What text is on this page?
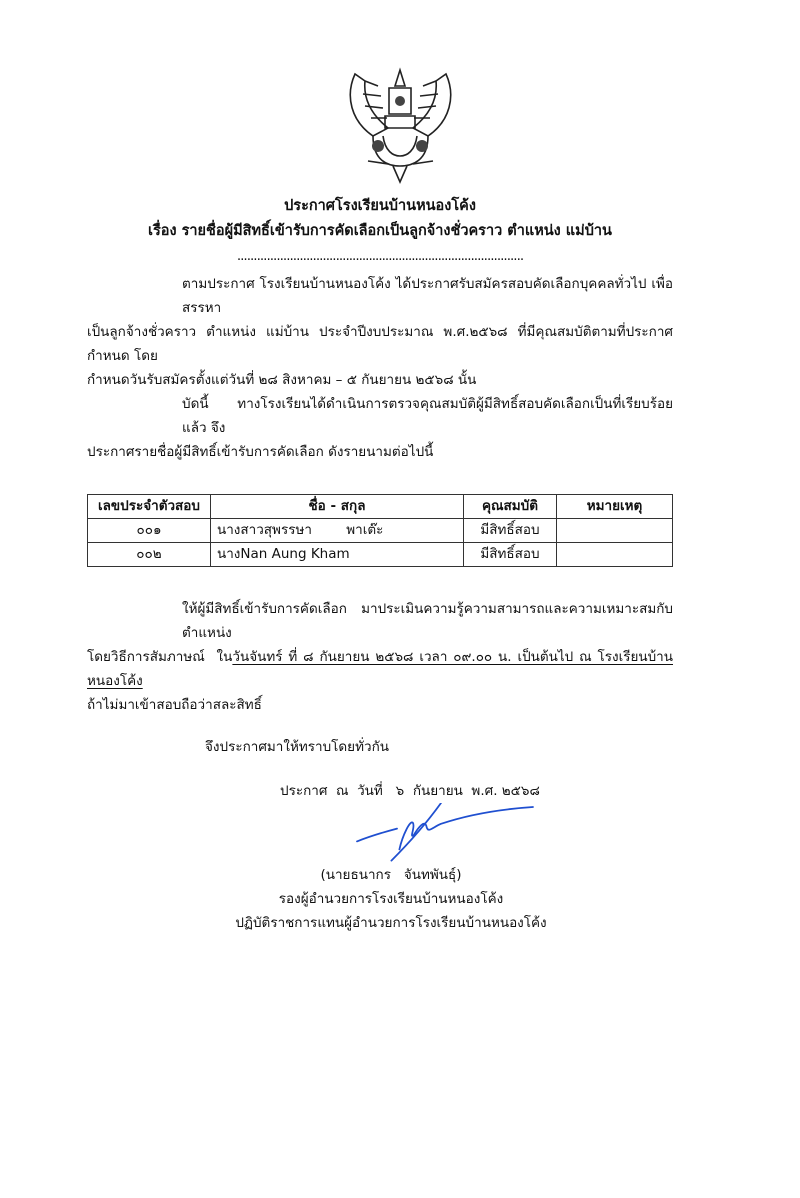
ประกาศโรงเรียนบ้านหนองโค้ง
เรื่อง รายชื่อผู้มีสิทธิ์เข้ารับการคัดเลือกเป็นลูกจ้างชั่วคราว ตำแหน่ง แม่บ้าน
.......................................................................................
ตามประกาศ โรงเรียนบ้านหนองโค้ง ได้ประกาศรับสมัครสอบคัดเลือกบุคคลทั่วไป เพื่อสรรหา
เป็นลูกจ้างชั่วคราว ตำแหน่ง แม่บ้าน ประจำปีงบประมาณ พ.ศ.๒๕๖๘ ที่มีคุณสมบัติตามที่ประกาศกำหนด โดย
กำหนดวันรับสมัครตั้งแต่วันที่ ๒๘ สิงหาคม – ๕ กันยายน ๒๕๖๘ นั้น
บัดนี้ ทางโรงเรียนได้ดำเนินการตรวจคุณสมบัติผู้มีสิทธิ์สอบคัดเลือกเป็นที่เรียบร้อยแล้ว จึง
ประกาศรายชื่อผู้มีสิทธิ์เข้ารับการคัดเลือก ดังรายนามต่อไปนี้
เลขประจำตัวสอบ	ชื่อ - สกุล	คุณสมบัติ	หมายเหตุ
๐๐๑	นางสาวสุพรรษา        พาเต๊ะ	มีสิทธิ์สอบ	
๐๐๒	นางNan Aung Kham	มีสิทธิ์สอบ	
ให้ผู้มีสิทธิ์เข้ารับการคัดเลือก มาประเมินความรู้ความสามารถและความเหมาะสมกับตำแหน่ง
โดยวิธีการสัมภาษณ์  ในวันจันทร์ ที่ ๘ กันยายน ๒๕๖๘ เวลา ๐๙.๐๐ น. เป็นต้นไป ณ โรงเรียนบ้านหนองโค้ง
ถ้าไม่มาเข้าสอบถือว่าสละสิทธิ์
จึงประกาศมาให้ทราบโดยทั่วกัน
ประกาศ  ณ  วันที่   ๖  กันยายน  พ.ศ. ๒๕๖๘
(นายธนากร   จันทพันธุ์)
รองผู้อำนวยการโรงเรียนบ้านหนองโค้ง
ปฏิบัติราชการแทนผู้อำนวยการโรงเรียนบ้านหนองโค้ง
